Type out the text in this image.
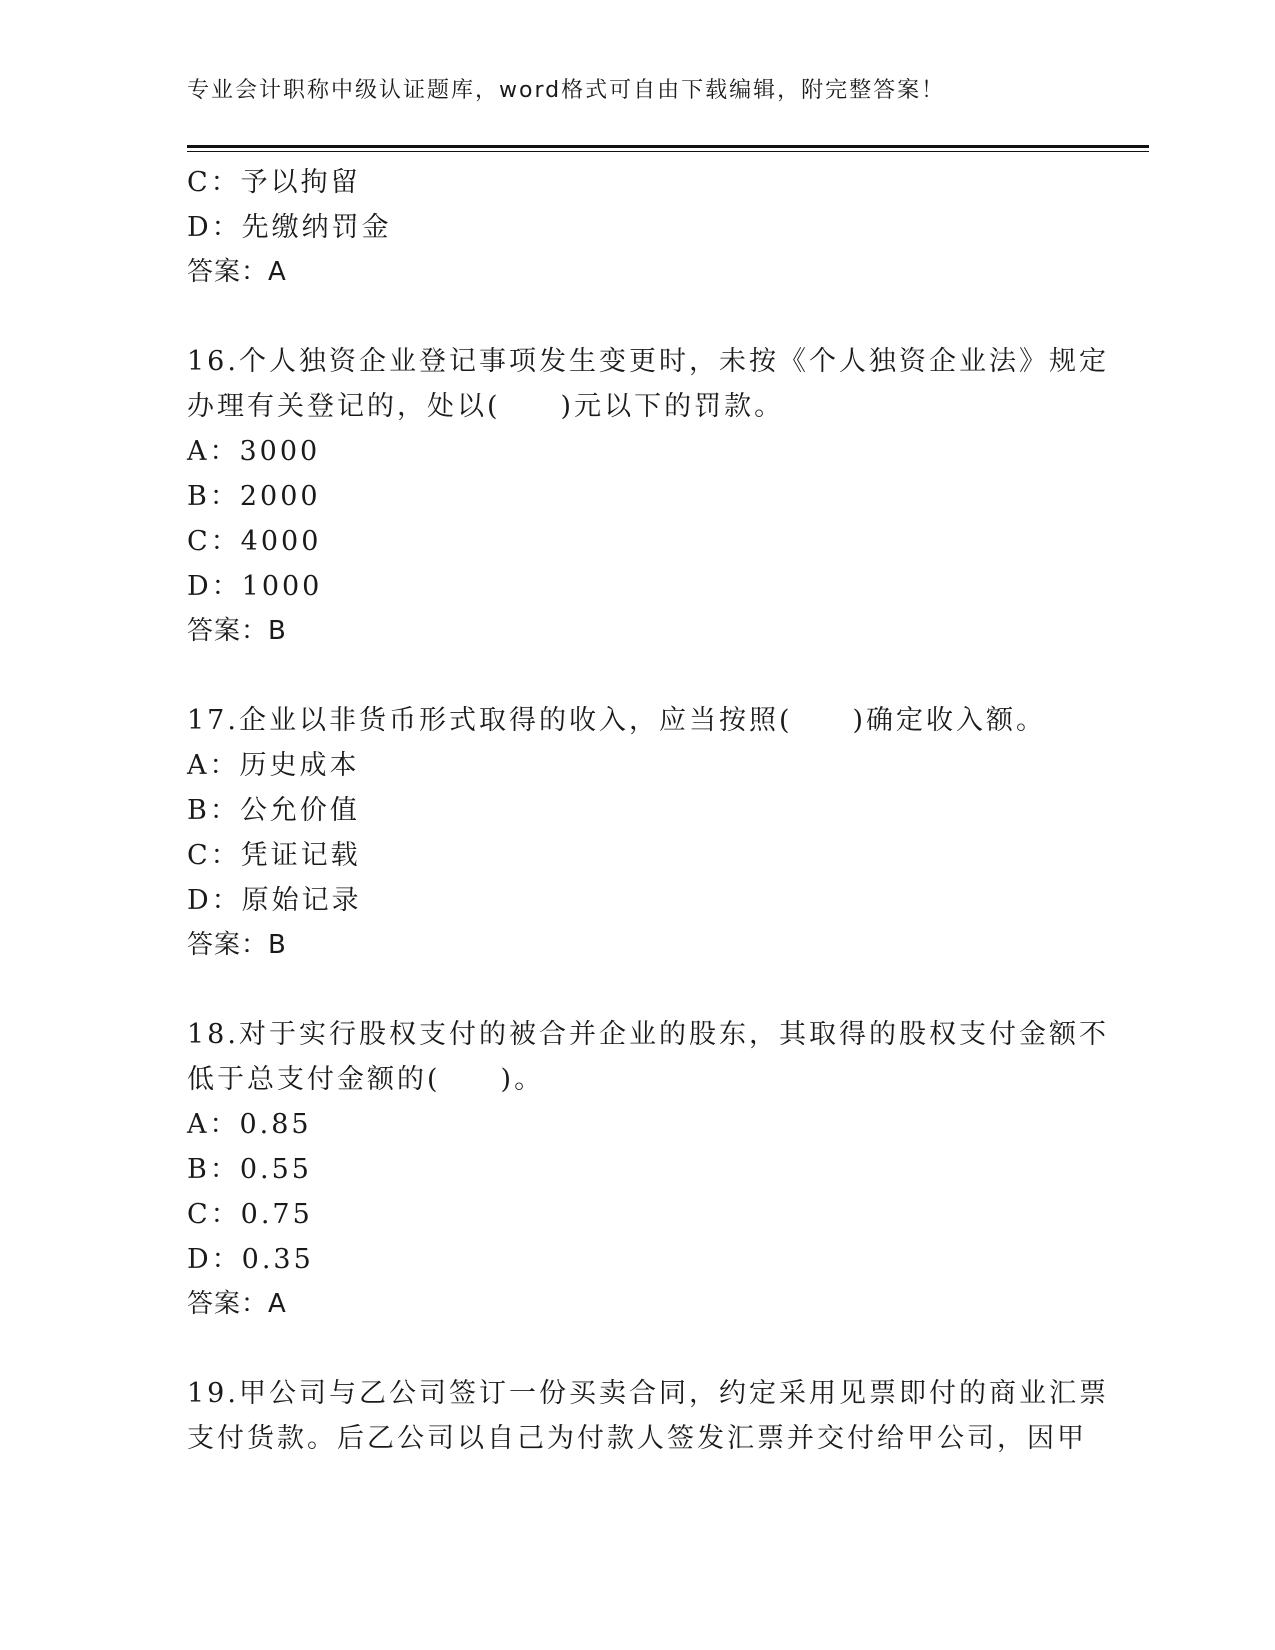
专业会计职称中级认证题库，word格式可自由下载编辑，附完整答案！
C：予以拘留
D：先缴纳罚金
答案：A
16.个人独资企业登记事项发生变更时，未按《个人独资企业法》规定
办理有关登记的，处以(　　)元以下的罚款。
A：3000
B：2000
C：4000
D：1000
答案：B
17.企业以非货币形式取得的收入，应当按照(　　)确定收入额。
A：历史成本
B：公允价值
C：凭证记载
D：原始记录
答案：B
18.对于实行股权支付的被合并企业的股东，其取得的股权支付金额不
低于总支付金额的(　　)。
A：0.85
B：0.55
C：0.75
D：0.35
答案：A
19.甲公司与乙公司签订一份买卖合同，约定采用见票即付的商业汇票
支付货款。后乙公司以自己为付款人签发汇票并交付给甲公司，因甲
